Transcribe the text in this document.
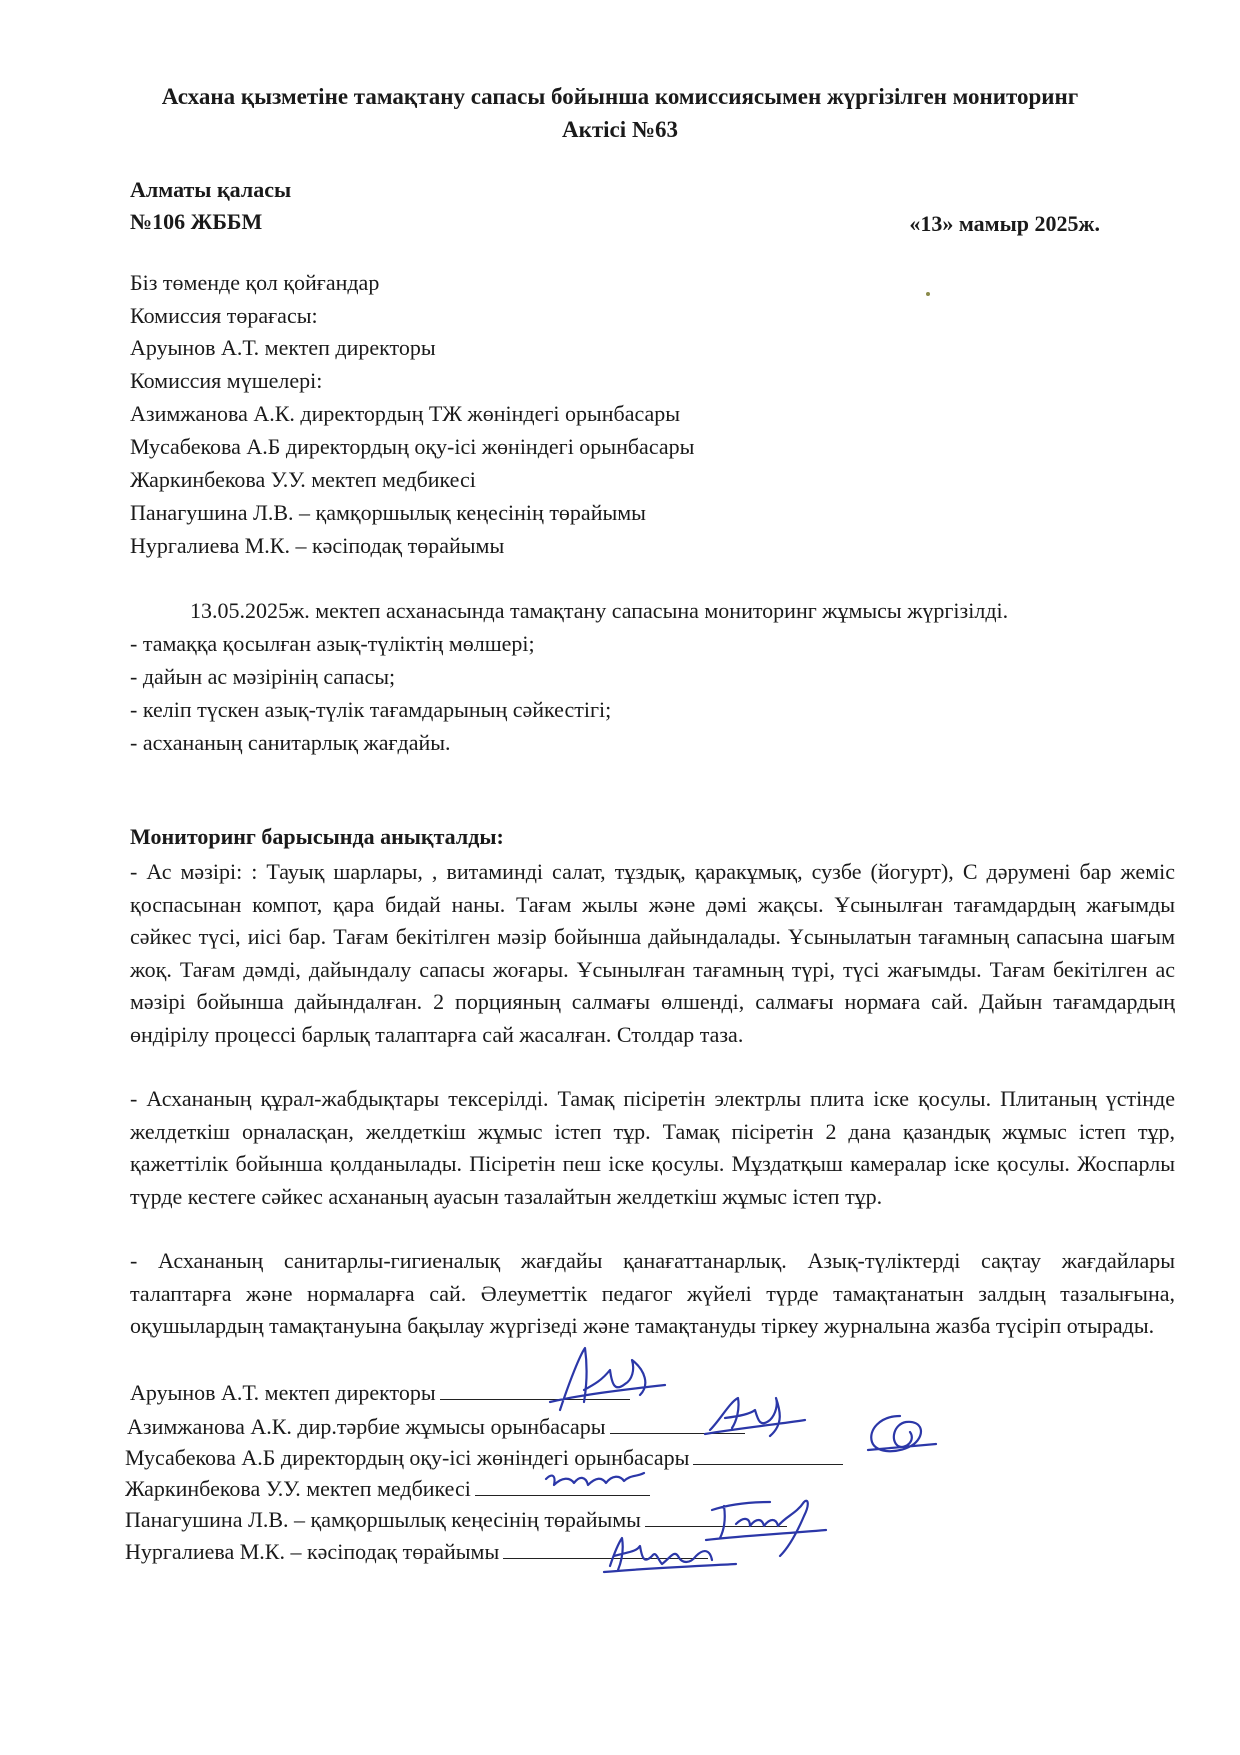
Асхана қызметіне тамақтану сапасы бойынша комиссиясымен жүргізілген мониторинг
Актісі №63
Алматы қаласы
№106 ЖББМ	«13» мамыр 2025ж.
Біз төменде қол қойғандар
Комиссия төрағасы:
Аруынов А.Т. мектеп директоры
Комиссия мүшелері:
Азимжанова А.К. директордың ТЖ жөніндегі орынбасары
Мусабекова А.Б директордың оқу-ісі жөніндегі орынбасары
Жаркинбекова У.У. мектеп медбикесі
Панагушина Л.В. – қамқоршылық кеңесінің төрайымы
Нургалиева М.К. – кәсіподақ төрайымы
13.05.2025ж. мектеп асханасында тамақтану сапасына мониторинг жұмысы жүргізілді.
- тамаққа қосылған азық-түліктің мөлшері;
- дайын ас мәзірінің сапасы;
- келіп түскен азық-түлік тағамдарының сәйкестігі;
- асхананың санитарлық жағдайы.
Мониторинг барысында анықталды:
- Ас мәзірі: : Тауық шарлары, , витаминді салат, тұздық, қаракұмық, сузбе (йогурт), С дәрумені бар жеміс қоспасынан компот, қара бидай наны. Тағам жылы және дәмі жақсы. Ұсынылған тағамдардың жағымды сәйкес түсі, иісі бар. Тағам бекітілген мәзір бойынша дайындалады. Ұсынылатын тағамның сапасына шағым жоқ. Тағам дәмді, дайындалу сапасы жоғары. Ұсынылған тағамның түрі, түсі жағымды. Тағам бекітілген ас мәзірі бойынша дайындалған. 2 порцияның салмағы өлшенді, салмағы нормаға сай. Дайын тағамдардың өндірілу процессі барлық талаптарға сай жасалған. Столдар таза.
- Асхананың құрал-жабдықтары тексерілді. Тамақ пісіретін электрлы плита іске қосулы. Плитаның үстінде желдеткіш орналасқан, желдеткіш жұмыс істеп тұр. Тамақ пісіретін 2 дана қазандық жұмыс істеп тұр, қажеттілік бойынша қолданылады. Пісіретін пеш іске қосулы. Мұздатқыш камералар іске қосулы. Жоспарлы түрде кестеге сәйкес асхананың ауасын тазалайтын желдеткіш жұмыс істеп тұр.
- Асхананың санитарлы-гигиеналық жағдайы қанағаттанарлық. Азық-түліктерді сақтау жағдайлары талаптарға және нормаларға сай. Әлеуметтік педагог жүйелі түрде тамақтанатын залдың тазалығына, оқушылардың тамақтануына бақылау жүргізеді және тамақтануды тіркеу журналына жазба түсіріп отырады.
Аруынов А.Т. мектеп директоры
Азимжанова А.К. дир.тәрбие жұмысы орынбасары
Мусабекова А.Б директордың оқу-ісі жөніндегі орынбасары
Жаркинбекова У.У. мектеп медбикесі
Панагушина Л.В. – қамқоршылық кеңесінің төрайымы
Нургалиева М.К. – кәсіподақ төрайымы
